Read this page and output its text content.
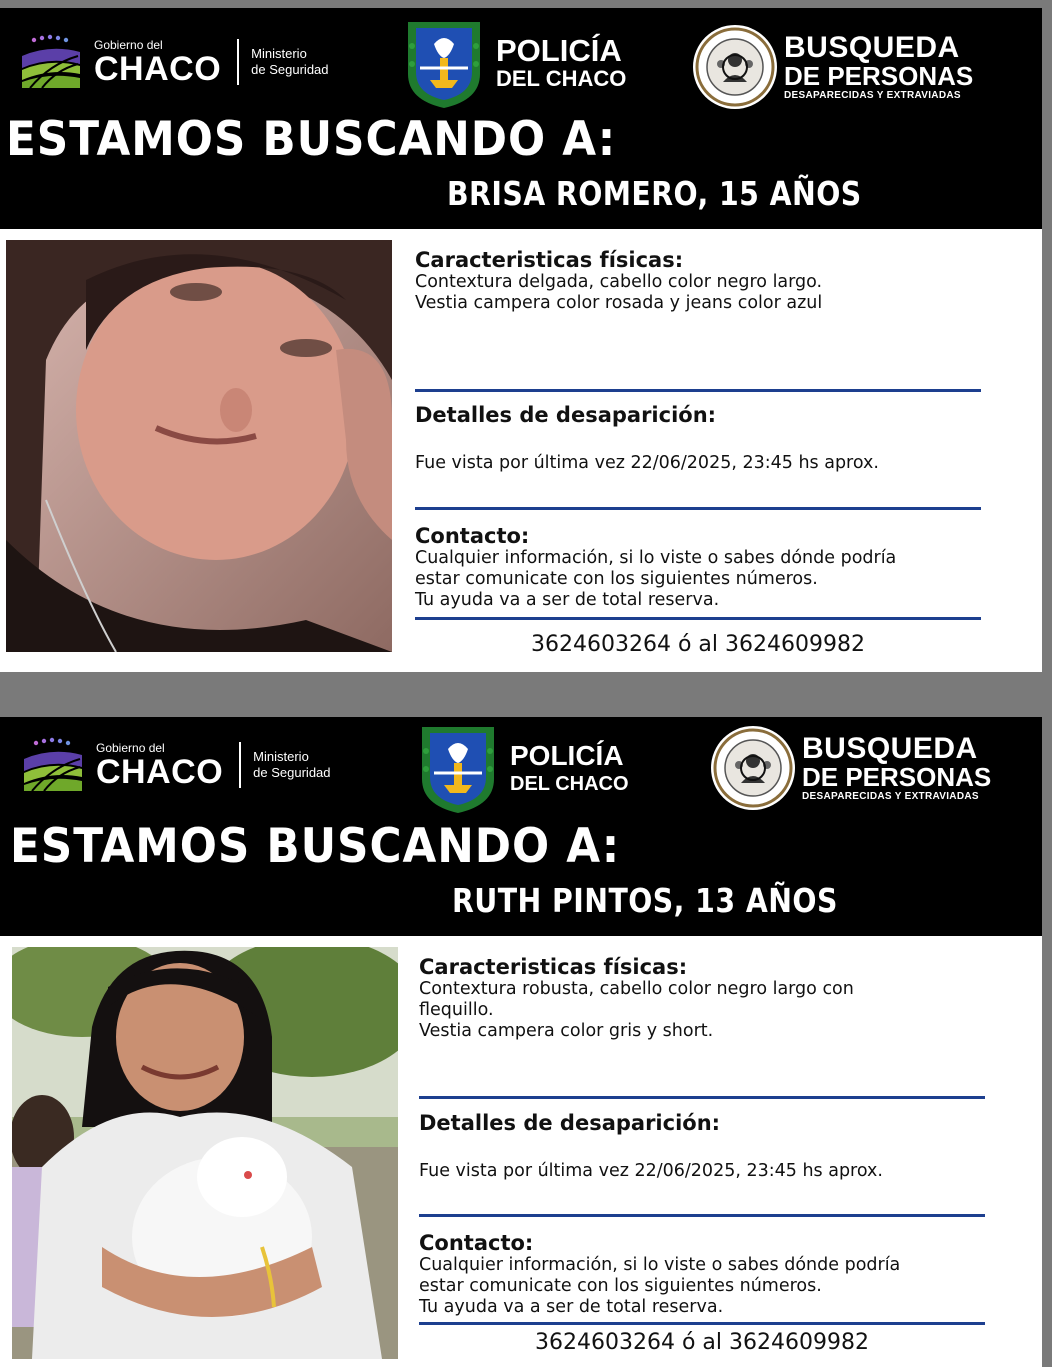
Gobierno del
CHACO Ministerio
de Seguridad
POLICÍA
DEL CHACO
BUSQUEDA
DE PERSONAS
DESAPARECIDAS Y EXTRAVIADAS
ESTAMOS BUSCANDO A:
BRISA ROMERO, 15 AÑOS
Caracteristicas físicas:
Contextura delgada, cabello color negro largo.
Vestia campera color rosada y jeans color azul
Detalles de desaparición:
Fue vista por última vez 22/06/2025, 23:45 hs aprox.
Contacto:
Cualquier información, si lo viste o sabes dónde podría
estar comunicate con los siguientes números.
Tu ayuda va a ser de total reserva.
3624603264 ó al 3624609982
Gobierno del
CHACO Ministerio
de Seguridad
POLICÍA
DEL CHACO
BUSQUEDA
DE PERSONAS
DESAPARECIDAS Y EXTRAVIADAS
ESTAMOS BUSCANDO A:
RUTH PINTOS, 13 AÑOS
Caracteristicas físicas:
Contextura robusta, cabello color negro largo con
flequillo.
Vestia campera color gris y short.
Detalles de desaparición:
Fue vista por última vez 22/06/2025, 23:45 hs aprox.
Contacto:
Cualquier información, si lo viste o sabes dónde podría
estar comunicate con los siguientes números.
Tu ayuda va a ser de total reserva.
3624603264 ó al 3624609982
